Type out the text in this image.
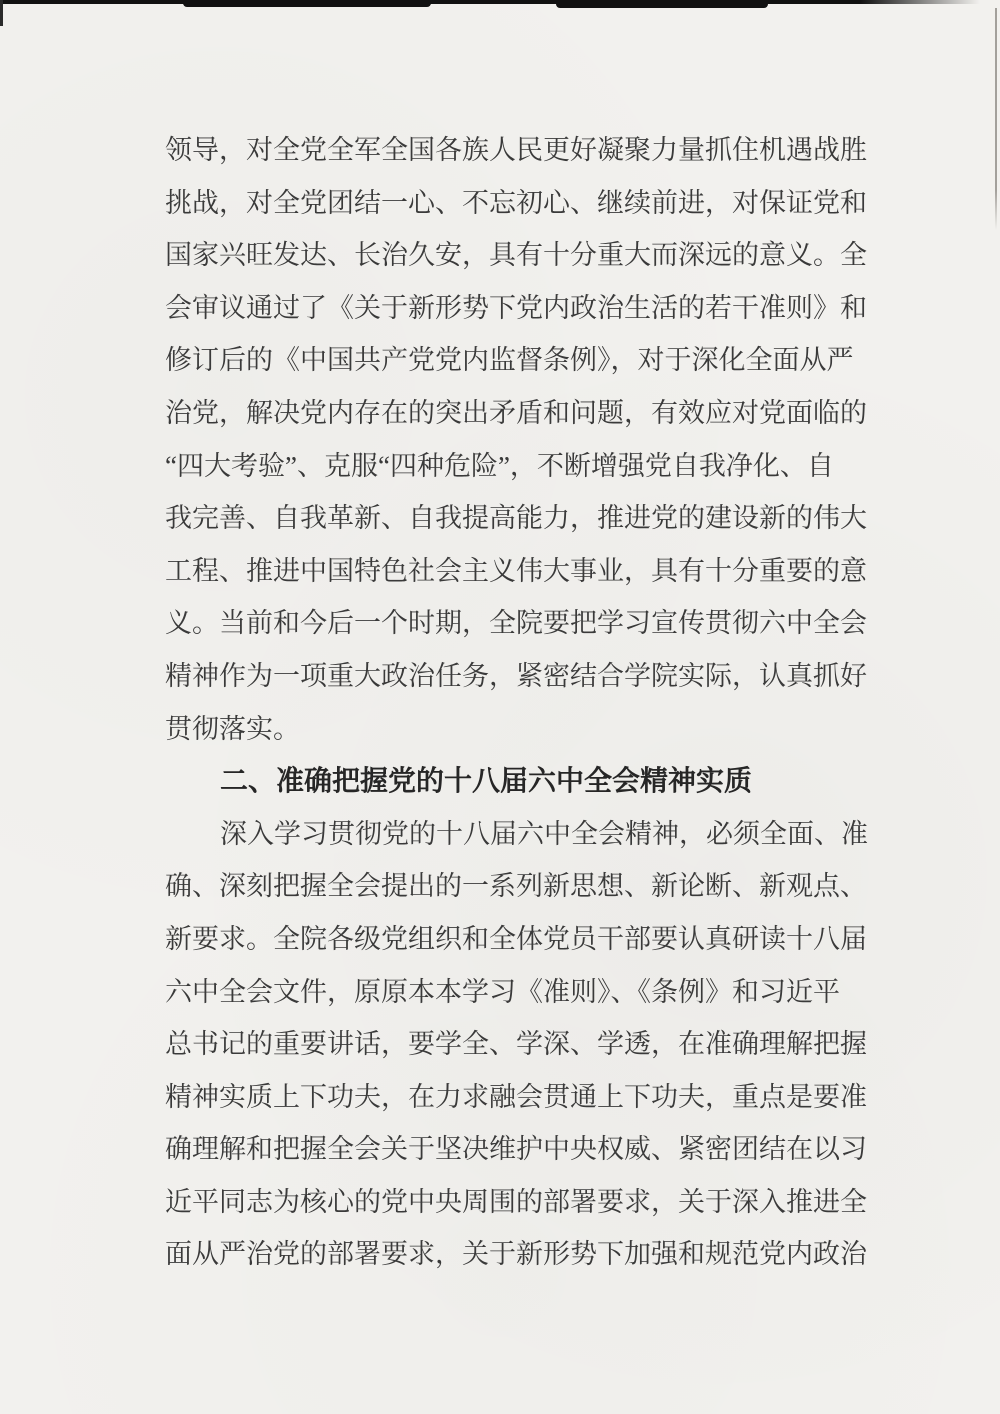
领导，对全党全军全国各族人民更好凝聚力量抓住机遇战胜
挑战，对全党团结一心、不忘初心、继续前进，对保证党和
国家兴旺发达、长治久安，具有十分重大而深远的意义。全
会审议通过了《关于新形势下党内政治生活的若干准则》和
修订后的《中国共产党党内监督条例》，对于深化全面从严
治党，解决党内存在的突出矛盾和问题，有效应对党面临的
“四大考验”、克服“四种危险”，不断增强党自我净化、自
我完善、自我革新、自我提高能力，推进党的建设新的伟大
工程、推进中国特色社会主义伟大事业，具有十分重要的意
义。当前和今后一个时期，全院要把学习宣传贯彻六中全会
精神作为一项重大政治任务，紧密结合学院实际，认真抓好
贯彻落实。
二、准确把握党的十八届六中全会精神实质
深入学习贯彻党的十八届六中全会精神，必须全面、准
确、深刻把握全会提出的一系列新思想、新论断、新观点、
新要求。全院各级党组织和全体党员干部要认真研读十八届
六中全会文件，原原本本学习《准则》、《条例》和习近平
总书记的重要讲话，要学全、学深、学透，在准确理解把握
精神实质上下功夫，在力求融会贯通上下功夫，重点是要准
确理解和把握全会关于坚决维护中央权威、紧密团结在以习
近平同志为核心的党中央周围的部署要求，关于深入推进全
面从严治党的部署要求，关于新形势下加强和规范党内政治
